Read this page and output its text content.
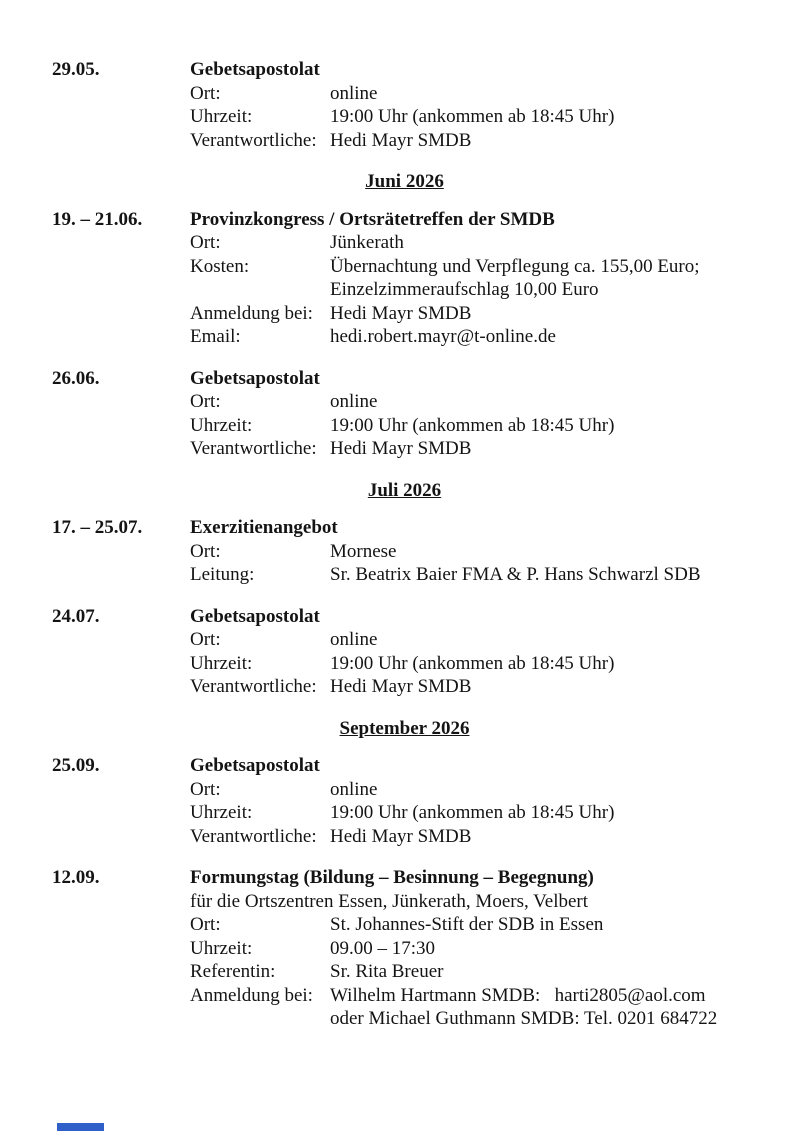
29.05.	Gebetsapostolat
Ort:	online
Uhrzeit:	19:00 Uhr (ankommen ab 18:45 Uhr)
Verantwortliche: Hedi Mayr SMDB
Juni 2026
19. – 21.06.	Provinzkongress / Ortsrätetreffen der SMDB
Ort:	Jünkerath
Kosten:	Übernachtung und Verpflegung ca. 155,00 Euro;
Einzelzimmeraufschlag 10,00 Euro
Anmeldung bei: Hedi Mayr SMDB
Email:	hedi.robert.mayr@t-online.de
26.06.	Gebetsapostolat
Ort:	online
Uhrzeit:	19:00 Uhr (ankommen ab 18:45 Uhr)
Verantwortliche: Hedi Mayr SMDB
Juli 2026
17. – 25.07.	Exerzitienangebot
Ort:	Mornese
Leitung:	Sr. Beatrix Baier FMA & P. Hans Schwarzl SDB
24.07.	Gebetsapostolat
Ort:	online
Uhrzeit:	19:00 Uhr (ankommen ab 18:45 Uhr)
Verantwortliche: Hedi Mayr SMDB
September 2026
25.09.	Gebetsapostolat
Ort:	online
Uhrzeit:	19:00 Uhr (ankommen ab 18:45 Uhr)
Verantwortliche: Hedi Mayr SMDB
12.09.	Formungstag (Bildung – Besinnung – Begegnung)
für die Ortszentren Essen, Jünkerath, Moers, Velbert
Ort:	St. Johannes-Stift der SDB in Essen
Uhrzeit:	09.00 – 17:30
Referentin:	Sr. Rita Breuer
Anmeldung bei: Wilhelm Hartmann SMDB:   harti2805@aol.com
oder Michael Guthmann SMDB: Tel. 0201 684722
